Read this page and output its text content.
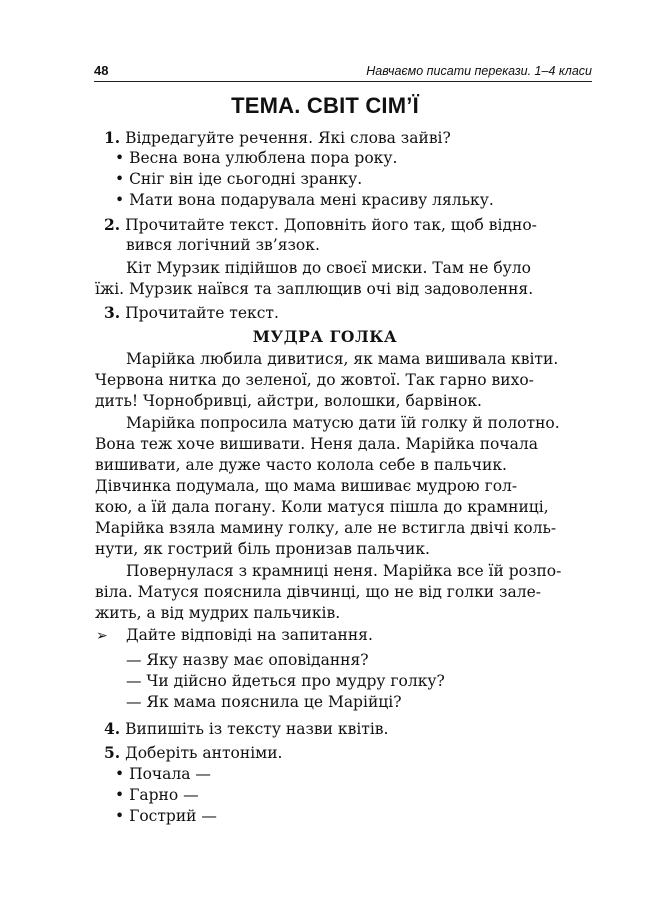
48	Навчаємо писати перекази. 1–4 класи
ТЕМА. СВІТ СІМ’Ї
1. Відредагуйте речення. Які слова зайві?
• Весна вона улюблена пора року.
• Сніг він іде сьогодні зранку.
• Мати вона подарувала мені красиву ляльку.
2. Прочитайте текст. Доповніть його так, щоб відно-
вився логічний зв’язок.
Кіт Мурзик підійшов до своєї миски. Там не було
їжі. Мурзик наївся та заплющив очі від задоволення.
3. Прочитайте текст.
МУДРА ГОЛКА
Марійка любила дивитися, як мама вишивала квіти.
Червона нитка до зеленої, до жовтої. Так гарно вихо-
дить! Чорнобривці, айстри, волошки, барвінок.
Марійка попросила матусю дати їй голку й полотно.
Вона теж хоче вишивати. Неня дала. Марійка почала
вишивати, але дуже часто колола себе в пальчик.
Дівчинка подумала, що мама вишиває мудрою гол-
кою, а їй дала погану. Коли матуся пішла до крамниці,
Марійка взяла мамину голку, але не встигла двічі коль-
нути, як гострий біль пронизав пальчик.
Повернулася з крамниці неня. Марійка все їй розпо-
віла. Матуся пояснила дівчинці, що не від голки зале-
жить, а від мудрих пальчиків.
➢ Дайте відповіді на запитання.
— Яку назву має оповідання?
— Чи дійсно йдеться про мудру голку?
— Як мама пояснила це Марійці?
4. Випишіть із тексту назви квітів.
5. Доберіть антоніми.
• Почала —
• Гарно —
• Гострий —
